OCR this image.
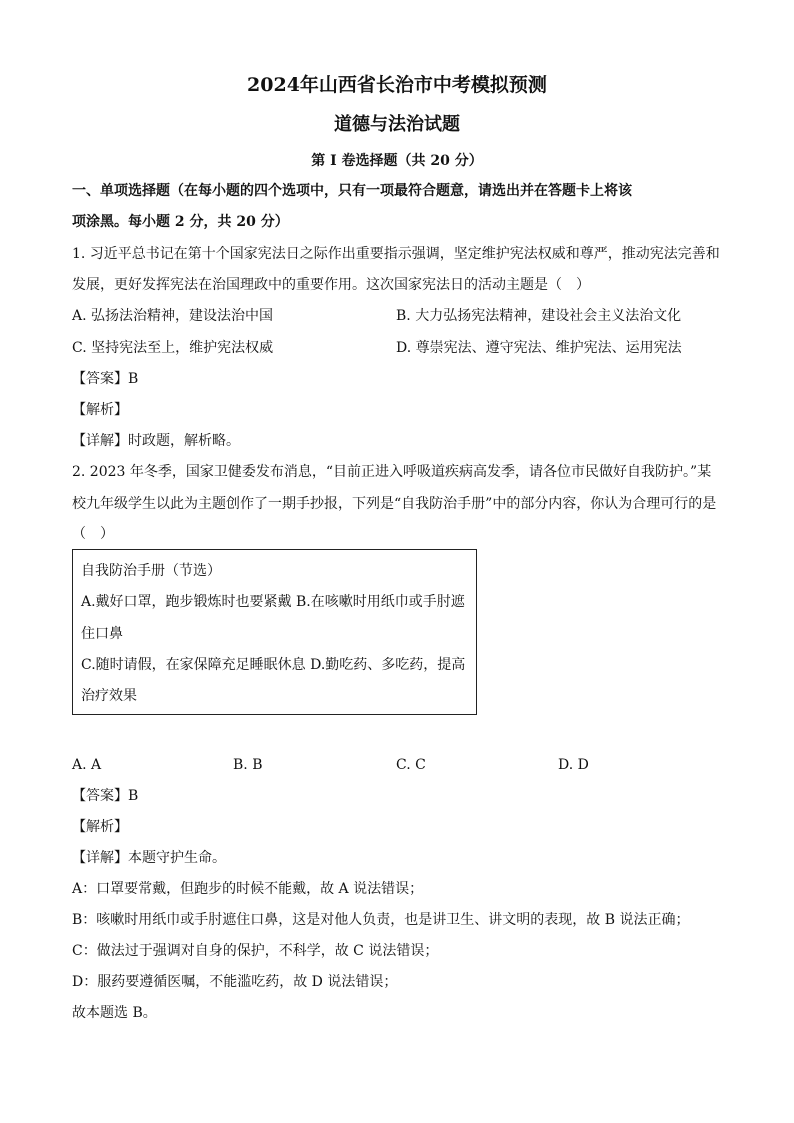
2024年山西省长治市中考模拟预测
道德与法治试题
第 I 卷选择题（共 20 分）
一、单项选择题（在每小题的四个选项中，只有一项最符合题意，请选出并在答题卡上将该
项涂黑。每小题 2 分，共 20 分）
1. 习近平总书记在第十个国家宪法日之际作出重要指示强调，坚定维护宪法权威和尊严，推动宪法完善和
发展，更好发挥宪法在治国理政中的重要作用。这次国家宪法日的活动主题是（　）
A. 弘扬法治精神，建设法治中国	B. 大力弘扬宪法精神，建设社会主义法治文化
C. 坚持宪法至上，维护宪法权威	D. 尊崇宪法、遵守宪法、维护宪法、运用宪法
【答案】B
【解析】
【详解】时政题，解析略。
2. 2023 年冬季，国家卫健委发布消息，“目前正进入呼吸道疾病高发季，请各位市民做好自我防护。”某
校九年级学生以此为主题创作了一期手抄报，下列是“自我防治手册”中的部分内容，你认为合理可行的是
（　）
自我防治手册（节选）
A.戴好口罩，跑步锻炼时也要紧戴 B.在咳嗽时用纸巾或手肘遮
住口鼻
C.随时请假，在家保障充足睡眠休息 D.勤吃药、多吃药，提高
治疗效果
A. A	B. B	C. C	D. D
【答案】B
【解析】
【详解】本题守护生命。
A：口罩要常戴，但跑步的时候不能戴，故 A 说法错误；
B：咳嗽时用纸巾或手肘遮住口鼻，这是对他人负责，也是讲卫生、讲文明的表现，故 B 说法正确；
C：做法过于强调对自身的保护，不科学，故 C 说法错误；
D：服药要遵循医嘱，不能滥吃药，故 D 说法错误；
故本题选 B。
